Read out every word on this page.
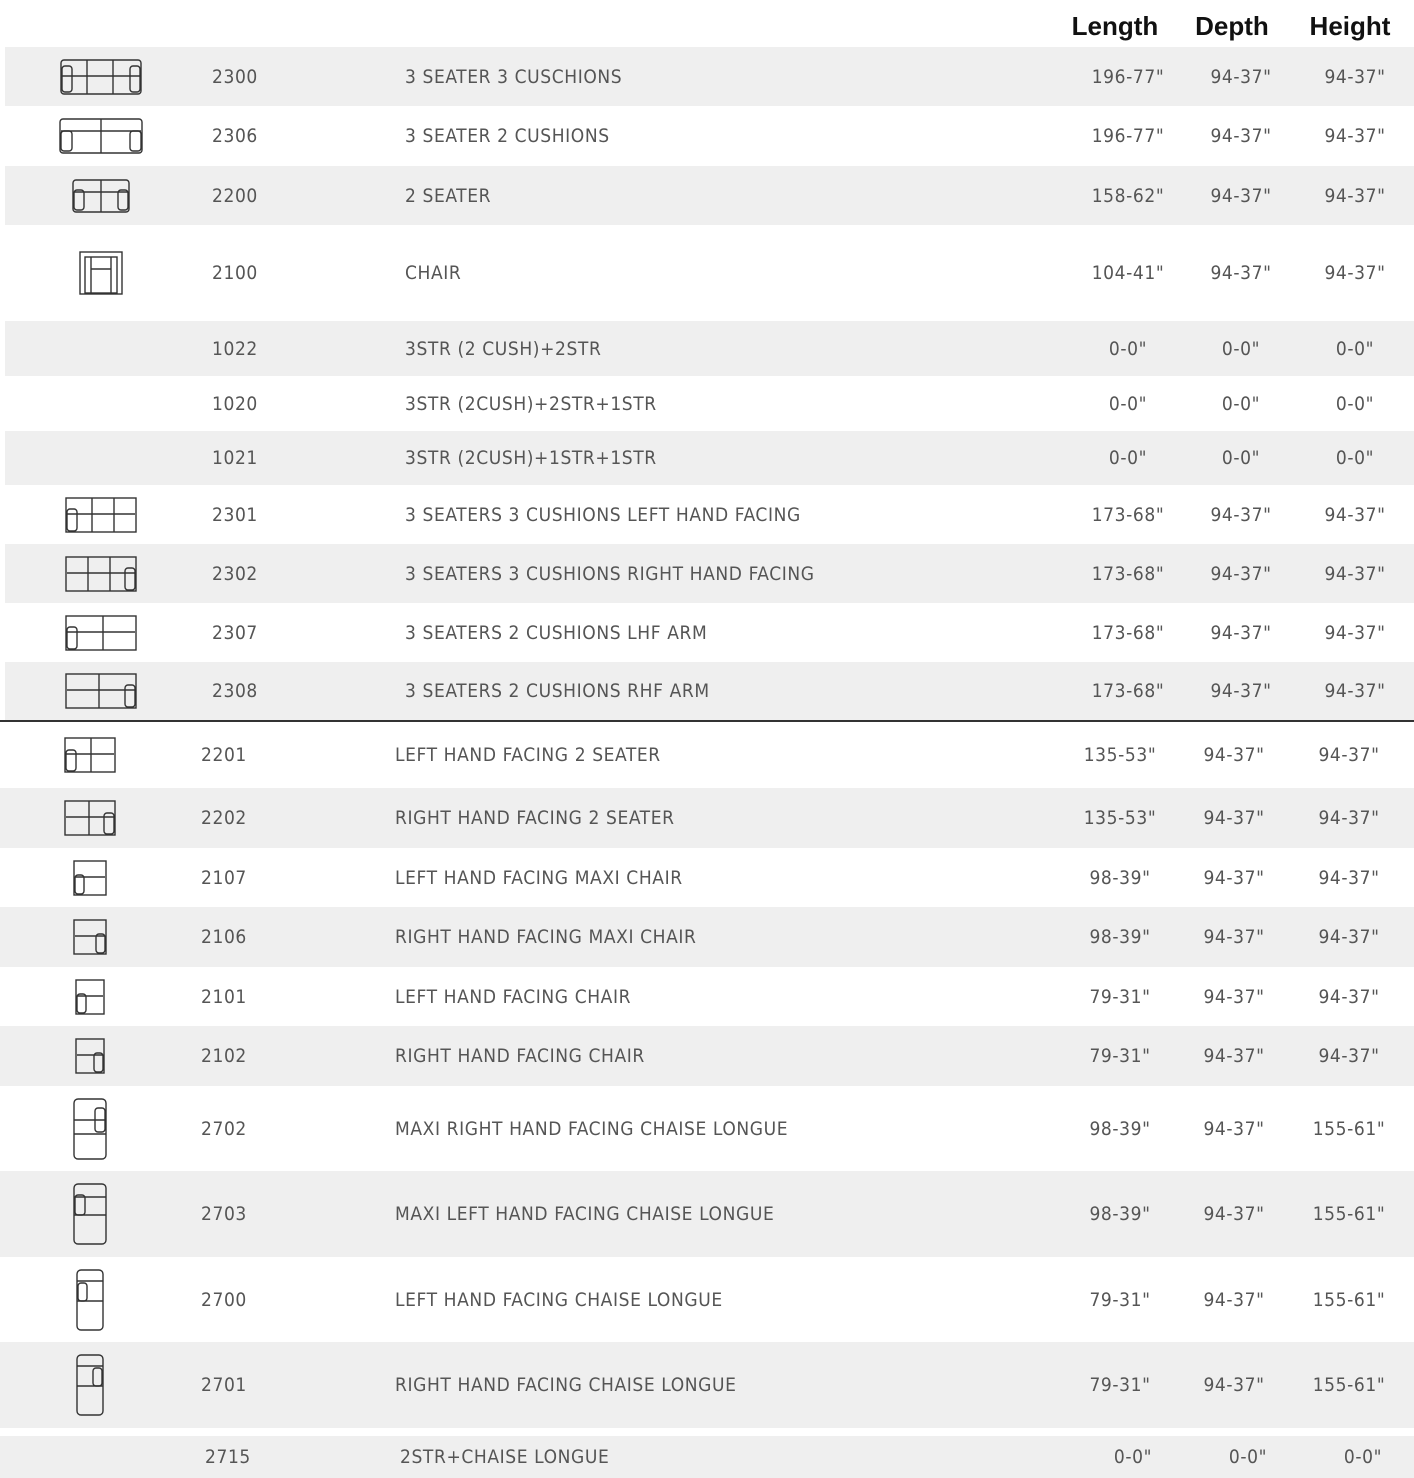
Length	Depth	Height
2300	3 SEATER 3 CUSCHIONS	196-77"	94-37"	94-37"
2306	3 SEATER 2 CUSHIONS	196-77"	94-37"	94-37"
2200	2 SEATER	158-62"	94-37"	94-37"
2100	CHAIR	104-41"	94-37"	94-37"
1022	3STR (2 CUSH)+2STR	0-0"	0-0"	0-0"
1020	3STR (2CUSH)+2STR+1STR	0-0"	0-0"	0-0"
1021	3STR (2CUSH)+1STR+1STR	0-0"	0-0"	0-0"
2301	3 SEATERS 3 CUSHIONS LEFT HAND FACING	173-68"	94-37"	94-37"
2302	3 SEATERS 3 CUSHIONS RIGHT HAND FACING	173-68"	94-37"	94-37"
2307	3 SEATERS 2 CUSHIONS LHF ARM	173-68"	94-37"	94-37"
2308	3 SEATERS 2 CUSHIONS RHF ARM	173-68"	94-37"	94-37"
2201	LEFT HAND FACING 2 SEATER	135-53"	94-37"	94-37"
2202	RIGHT HAND FACING 2 SEATER	135-53"	94-37"	94-37"
2107	LEFT HAND FACING MAXI CHAIR	98-39"	94-37"	94-37"
2106	RIGHT HAND FACING MAXI CHAIR	98-39"	94-37"	94-37"
2101	LEFT HAND FACING CHAIR	79-31"	94-37"	94-37"
2102	RIGHT HAND FACING CHAIR	79-31"	94-37"	94-37"
2702	MAXI RIGHT HAND FACING CHAISE LONGUE	98-39"	94-37"	155-61"
2703	MAXI LEFT HAND FACING CHAISE LONGUE	98-39"	94-37"	155-61"
2700	LEFT HAND FACING CHAISE LONGUE	79-31"	94-37"	155-61"
2701	RIGHT HAND FACING CHAISE LONGUE	79-31"	94-37"	155-61"
2715	2STR+CHAISE LONGUE	0-0"	0-0"	0-0"
